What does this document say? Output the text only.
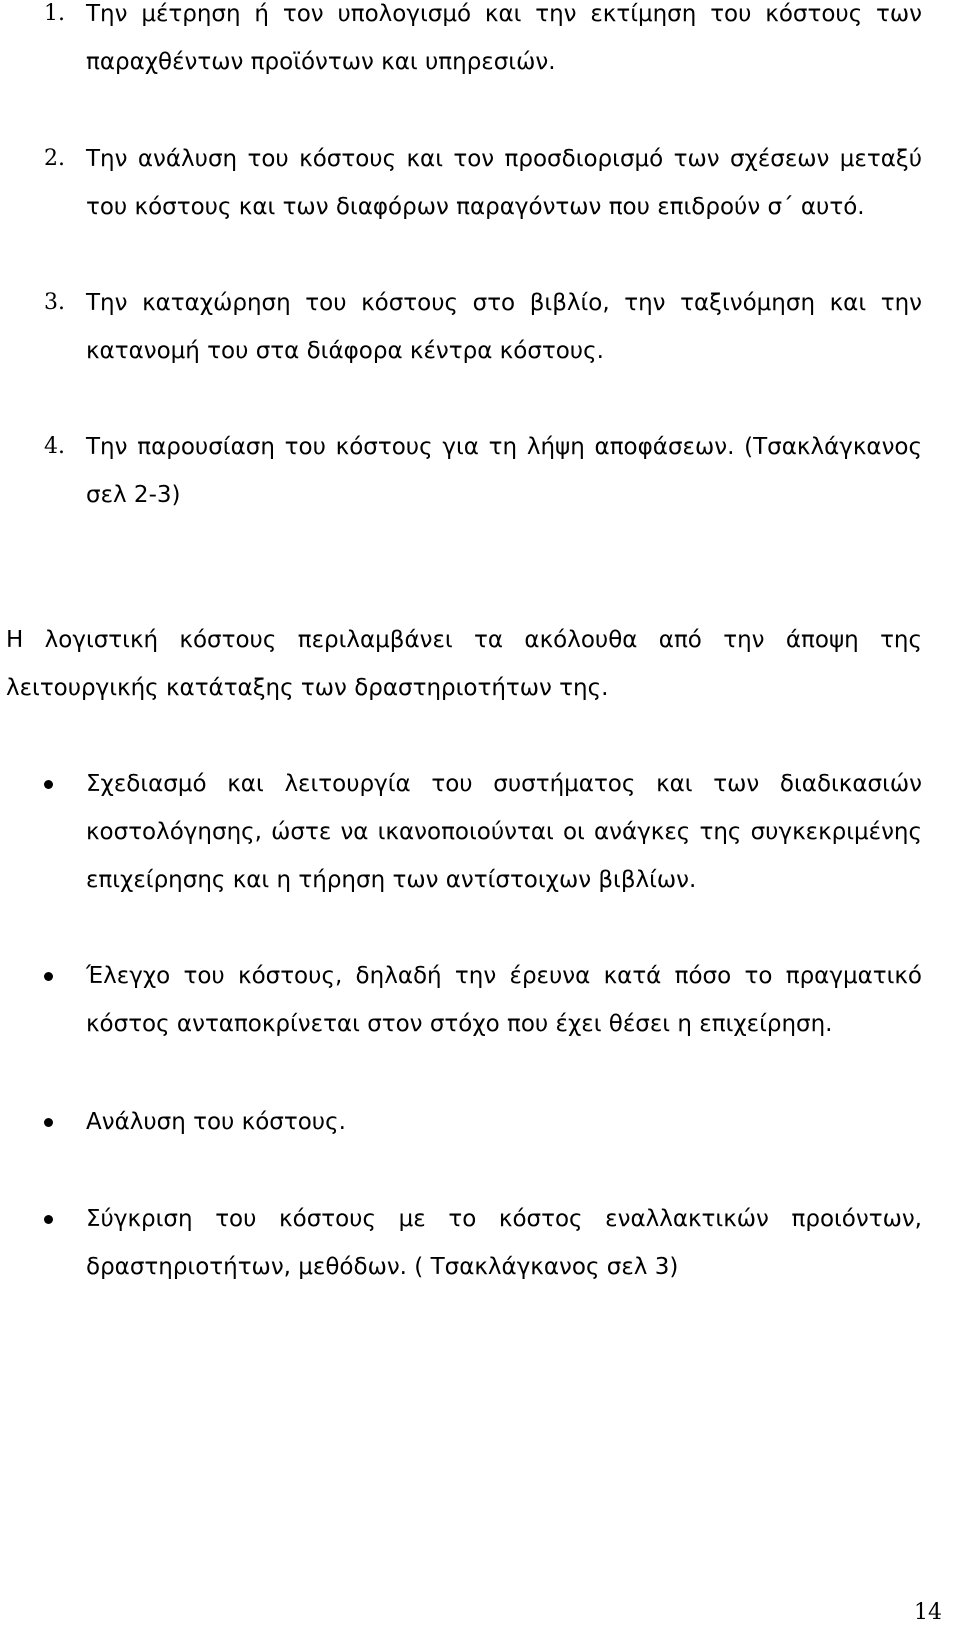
1. Την μέτρηση ή τον υπολογισμό και την εκτίμηση του κόστους των
παραχθέντων προϊόντων και υπηρεσιών.
2. Την ανάλυση του κόστους και τον προσδιορισμό των σχέσεων μεταξύ
του κόστους και των διαφόρων παραγόντων που επιδρούν σ΄ αυτό.
3. Την καταχώρηση του κόστους στο βιβλίο, την ταξινόμηση και την
κατανομή του στα διάφορα κέντρα κόστους.
4. Την παρουσίαση του κόστους για τη λήψη αποφάσεων. (Τσακλάγκανος
σελ 2-3)
Η λογιστική κόστους περιλαμβάνει τα ακόλουθα από την άποψη της
λειτουργικής κατάταξης των δραστηριοτήτων της.
Σχεδιασμό και λειτουργία του συστήματος και των διαδικασιών
κοστολόγησης, ώστε να ικανοποιούνται οι ανάγκες της συγκεκριμένης
επιχείρησης και η τήρηση των αντίστοιχων βιβλίων.
Έλεγχο του κόστους, δηλαδή την έρευνα κατά πόσο το πραγματικό
κόστος ανταποκρίνεται στον στόχο που έχει θέσει η επιχείρηση.
Ανάλυση του κόστους.
Σύγκριση του κόστους με το κόστος εναλλακτικών προιόντων,
δραστηριοτήτων, μεθόδων. ( Τσακλάγκανος σελ 3)
14
